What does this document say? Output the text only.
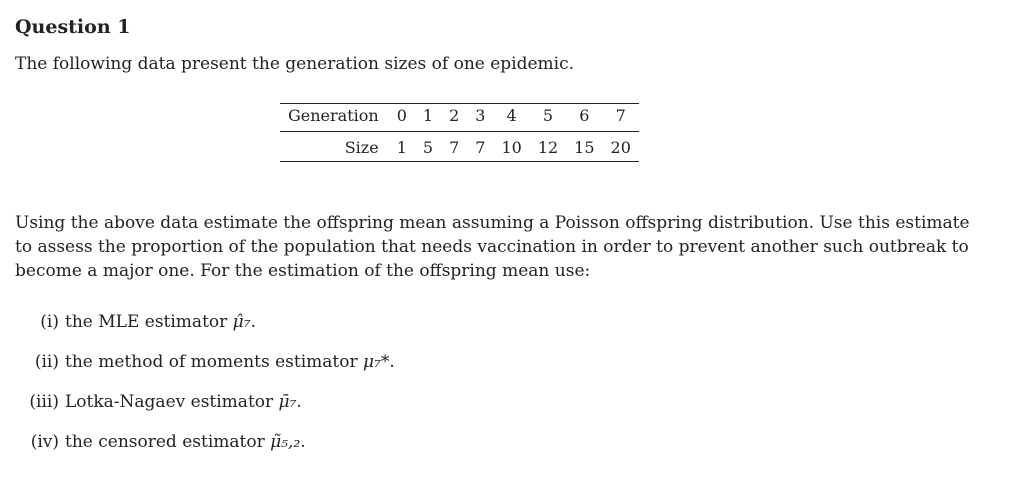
Question 1
The following data present the generation sizes of one epidemic.
Generation	0	1	2	3	4	5	6	7
Size	1	5	7	7	10	12	15	20

Using the above data estimate the offspring mean assuming a Poisson offspring distribution. Use this estimate to assess the proportion of the population that needs vaccination in order to prevent another such outbreak to become a major one. For the estimation of the offspring mean use:

(i) the MLE estimator μ̂₇.
(ii) the method of moments estimator μ₇*.
(iii) Lotka-Nagaev estimator μ̄₇.
(iv) the censored estimator μ̃₅,₂.
